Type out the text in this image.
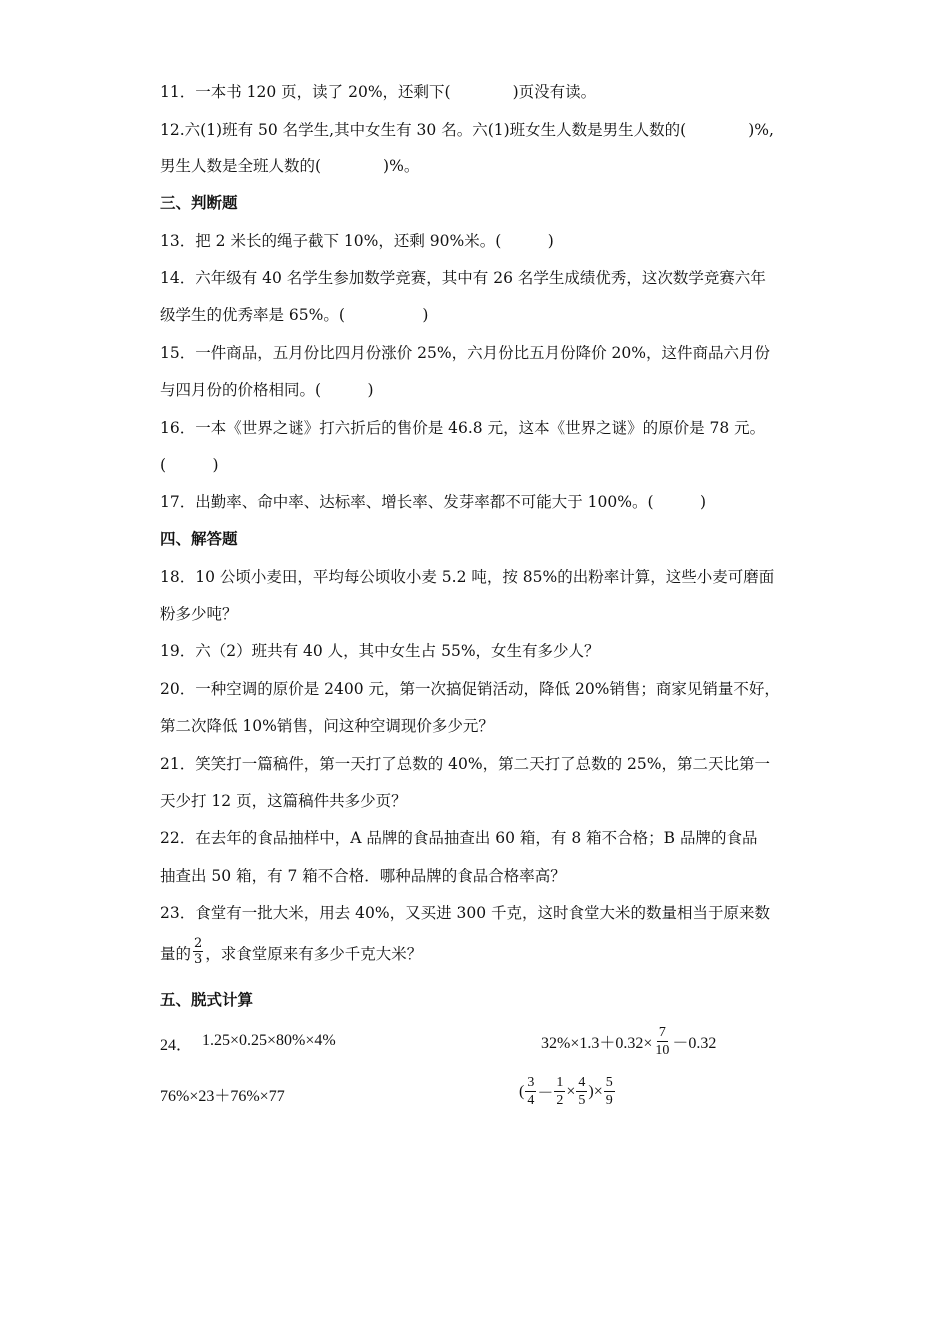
11．一本书 120 页，读了 20%，还剩下(　　　　)页没有读。
12.六(1)班有 50 名学生,其中女生有 30 名。六(1)班女生人数是男生人数的(　　　　)%,
男生人数是全班人数的(　　　　)%。
三、判断题
13．把 2 米长的绳子截下 10%，还剩 90%米。(　　　)
14．六年级有 40 名学生参加数学竞赛，其中有 26 名学生成绩优秀，这次数学竞赛六年
级学生的优秀率是 65%。(　　　　　)
15．一件商品，五月份比四月份涨价 25%，六月份比五月份降价 20%，这件商品六月份
与四月份的价格相同。(　　　)
16．一本《世界之谜》打六折后的售价是 46.8 元，这本《世界之谜》的原价是 78 元。
(　　　)
17．出勤率、命中率、达标率、增长率、发芽率都不可能大于 100%。(　　　)
四、解答题
18．10 公顷小麦田，平均每公顷收小麦 5.2 吨，按 85%的出粉率计算，这些小麦可磨面
粉多少吨？
19．六（2）班共有 40 人，其中女生占 55%，女生有多少人？
20．一种空调的原价是 2400 元，第一次搞促销活动，降低 20%销售；商家见销量不好，
第二次降低 10%销售，问这种空调现价多少元？
21．笑笑打一篇稿件，第一天打了总数的 40%，第二天打了总数的 25%，第二天比第一
天少打 12 页，这篇稿件共多少页？
22．在去年的食品抽样中，A 品牌的食品抽查出 60 箱，有 8 箱不合格；B 品牌的食品
抽查出 50 箱，有 7 箱不合格．哪种品牌的食品合格率高？
23．食堂有一批大米，用去 40%，又买进 300 千克，这时食堂大米的数量相当于原来数
量的 $\frac{2}{3}$ ，求食堂原来有多少千克大米？
五、脱式计算
24． 1.25×0.25×80%×4%	$32\%\times 1.3+0.32\times \frac{7}{10} -0.32$
76%×23＋76%×77	( $\frac{3}{4} - \frac{1}{2} \times \frac{4}{5}$ )× $\frac{5}{9}$
